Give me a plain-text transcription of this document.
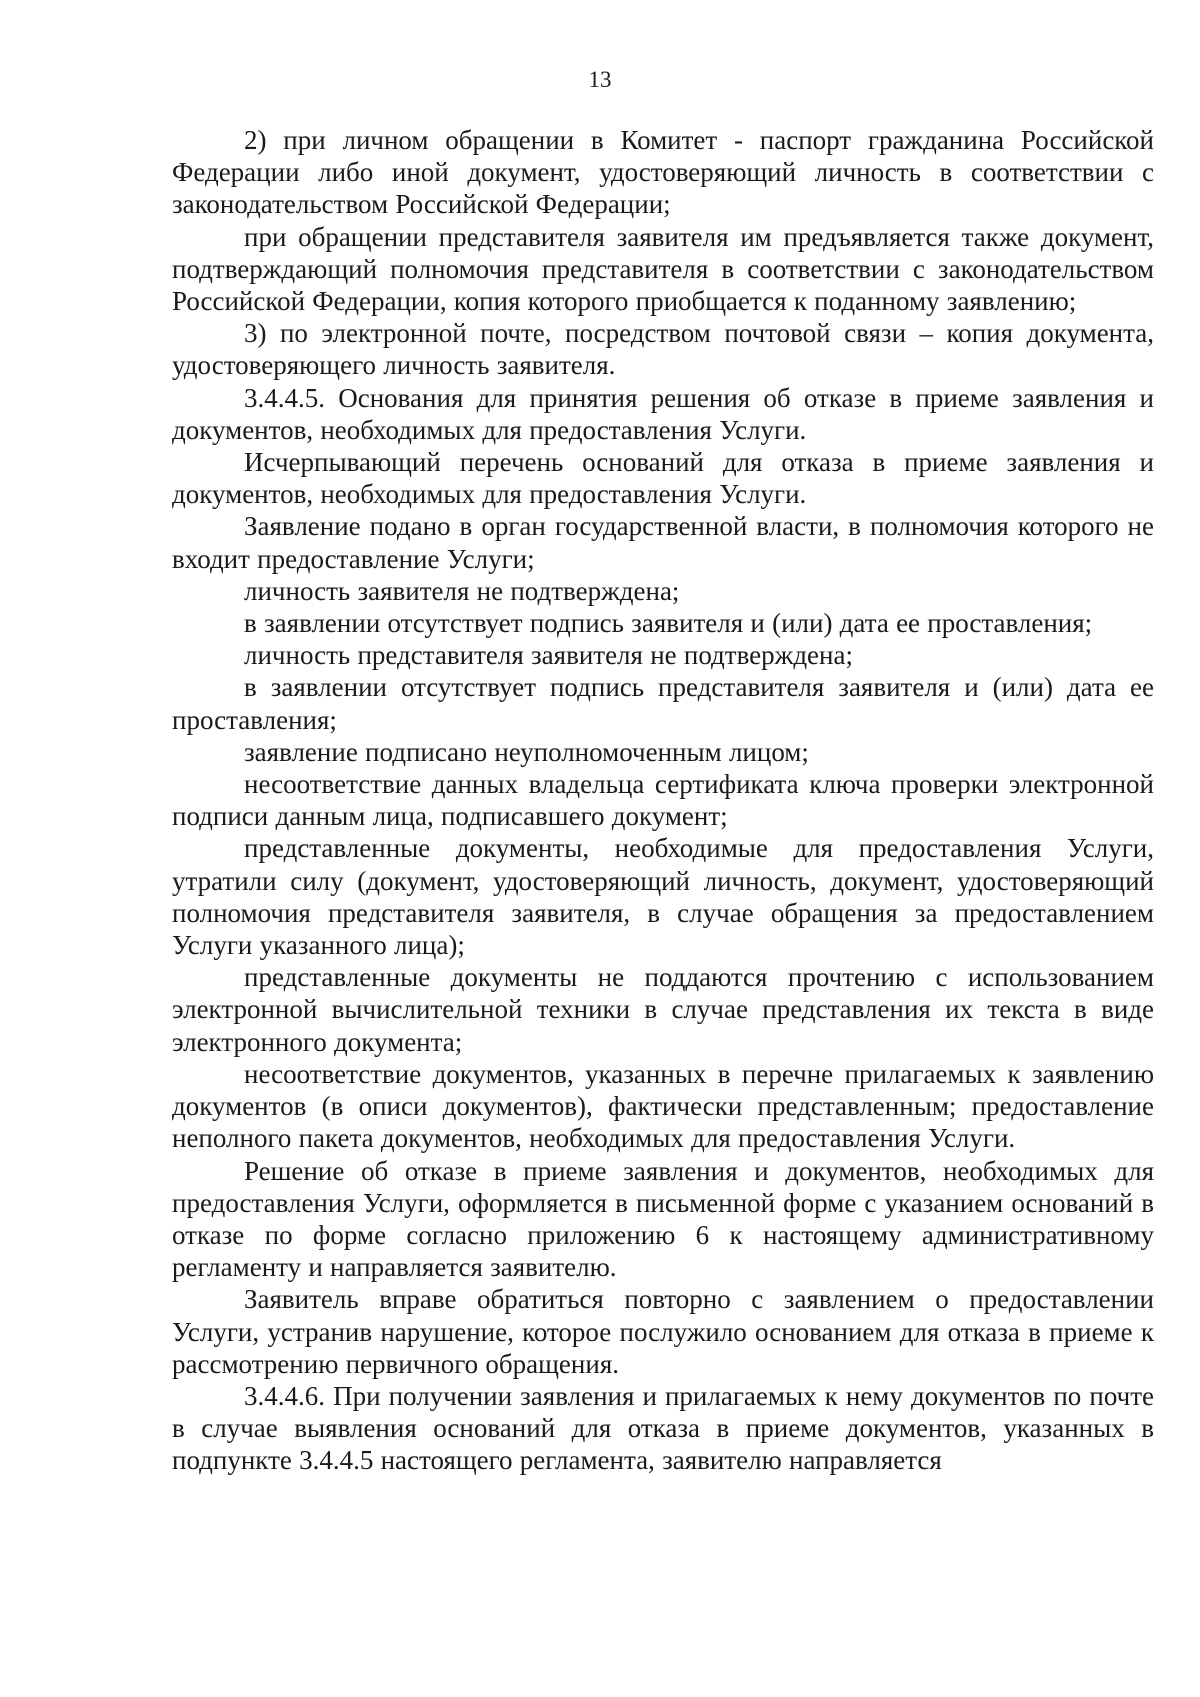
13

2) при личном обращении в Комитет - паспорт гражданина Российской Федерации либо иной документ, удостоверяющий личность в соответствии с законодательством Российской Федерации;

при обращении представителя заявителя им предъявляется также документ, подтверждающий полномочия представителя в соответствии с законодательством Российской Федерации, копия которого приобщается к поданному заявлению;

3) по электронной почте, посредством почтовой связи – копия документа, удостоверяющего личность заявителя.

3.4.4.5. Основания для принятия решения об отказе в приеме заявления и документов, необходимых для предоставления Услуги.

Исчерпывающий перечень оснований для отказа в приеме заявления и документов, необходимых для предоставления Услуги.

Заявление подано в орган государственной власти, в полномочия которого не входит предоставление Услуги;

личность заявителя не подтверждена;

в заявлении отсутствует подпись заявителя и (или) дата ее проставления;

личность представителя заявителя не подтверждена;

в заявлении отсутствует подпись представителя заявителя и (или) дата ее проставления;

заявление подписано неуполномоченным лицом;

несоответствие данных владельца сертификата ключа проверки электронной подписи данным лица, подписавшего документ;

представленные документы, необходимые для предоставления Услуги, утратили силу (документ, удостоверяющий личность, документ, удостоверяющий полномочия представителя заявителя, в случае обращения за предоставлением Услуги указанного лица);

представленные документы не поддаются прочтению с использованием электронной вычислительной техники в случае представления их текста в виде электронного документа;

несоответствие документов, указанных в перечне прилагаемых к заявлению документов (в описи документов), фактически представленным; предоставление неполного пакета документов, необходимых для предоставления Услуги.

Решение об отказе в приеме заявления и документов, необходимых для предоставления Услуги, оформляется в письменной форме с указанием оснований в отказе по форме согласно приложению 6 к настоящему административному регламенту и направляется заявителю.

Заявитель вправе обратиться повторно с заявлением о предоставлении Услуги, устранив нарушение, которое послужило основанием для отказа в приеме к рассмотрению первичного обращения.

3.4.4.6. При получении заявления и прилагаемых к нему документов по почте в случае выявления оснований для отказа в приеме документов, указанных в подпункте 3.4.4.5 настоящего регламента, заявителю направляется
